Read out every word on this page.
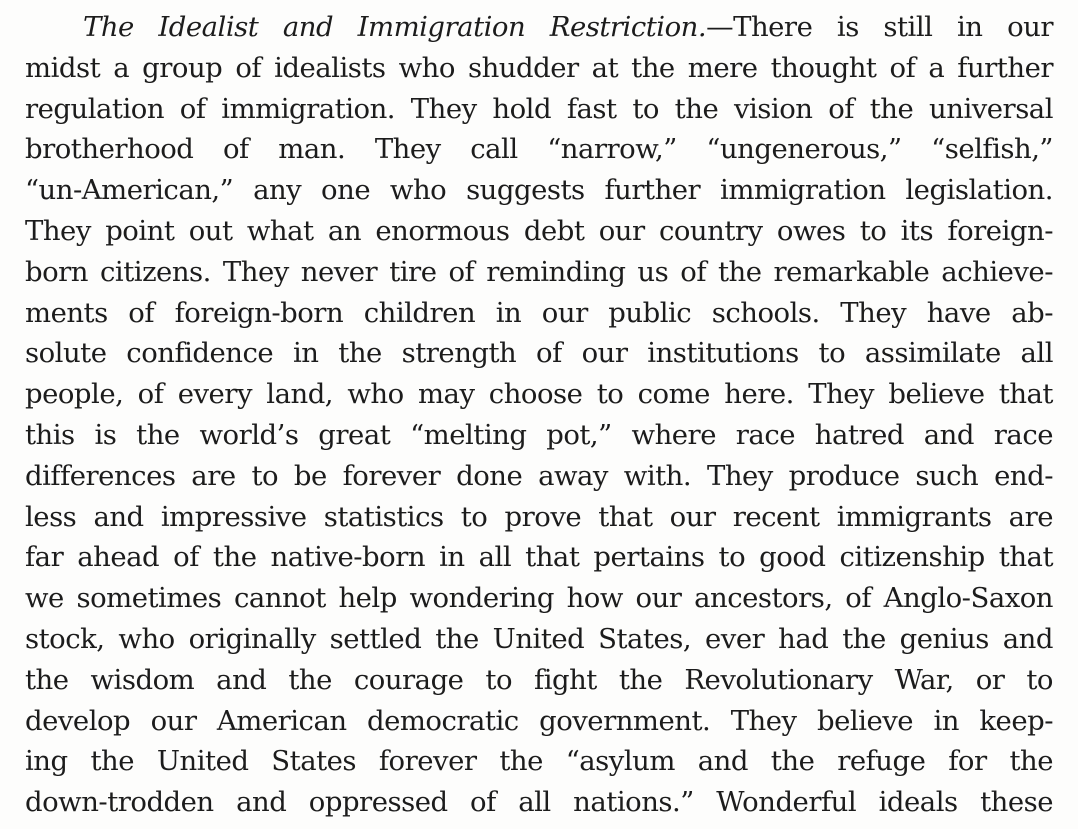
The Idealist and Immigration Restriction.—There is still in our
midst a group of idealists who shudder at the mere thought of a further
regulation of immigration. They hold fast to the vision of the universal
brotherhood of man. They call “narrow,” “ungenerous,” “selfish,”
“un-American,” any one who suggests further immigration legislation.
They point out what an enormous debt our country owes to its foreign-
born citizens. They never tire of reminding us of the remarkable achieve-
ments of foreign-born children in our public schools. They have ab-
solute confidence in the strength of our institutions to assimilate all
people, of every land, who may choose to come here. They believe that
this is the world’s great “melting pot,” where race hatred and race
differences are to be forever done away with. They produce such end-
less and impressive statistics to prove that our recent immigrants are
far ahead of the native-born in all that pertains to good citizenship that
we sometimes cannot help wondering how our ancestors, of Anglo-Saxon
stock, who originally settled the United States, ever had the genius and
the wisdom and the courage to fight the Revolutionary War, or to
develop our American democratic government. They believe in keep-
ing the United States forever the “asylum and the refuge for the
down-trodden and oppressed of all nations.” Wonderful ideals these
